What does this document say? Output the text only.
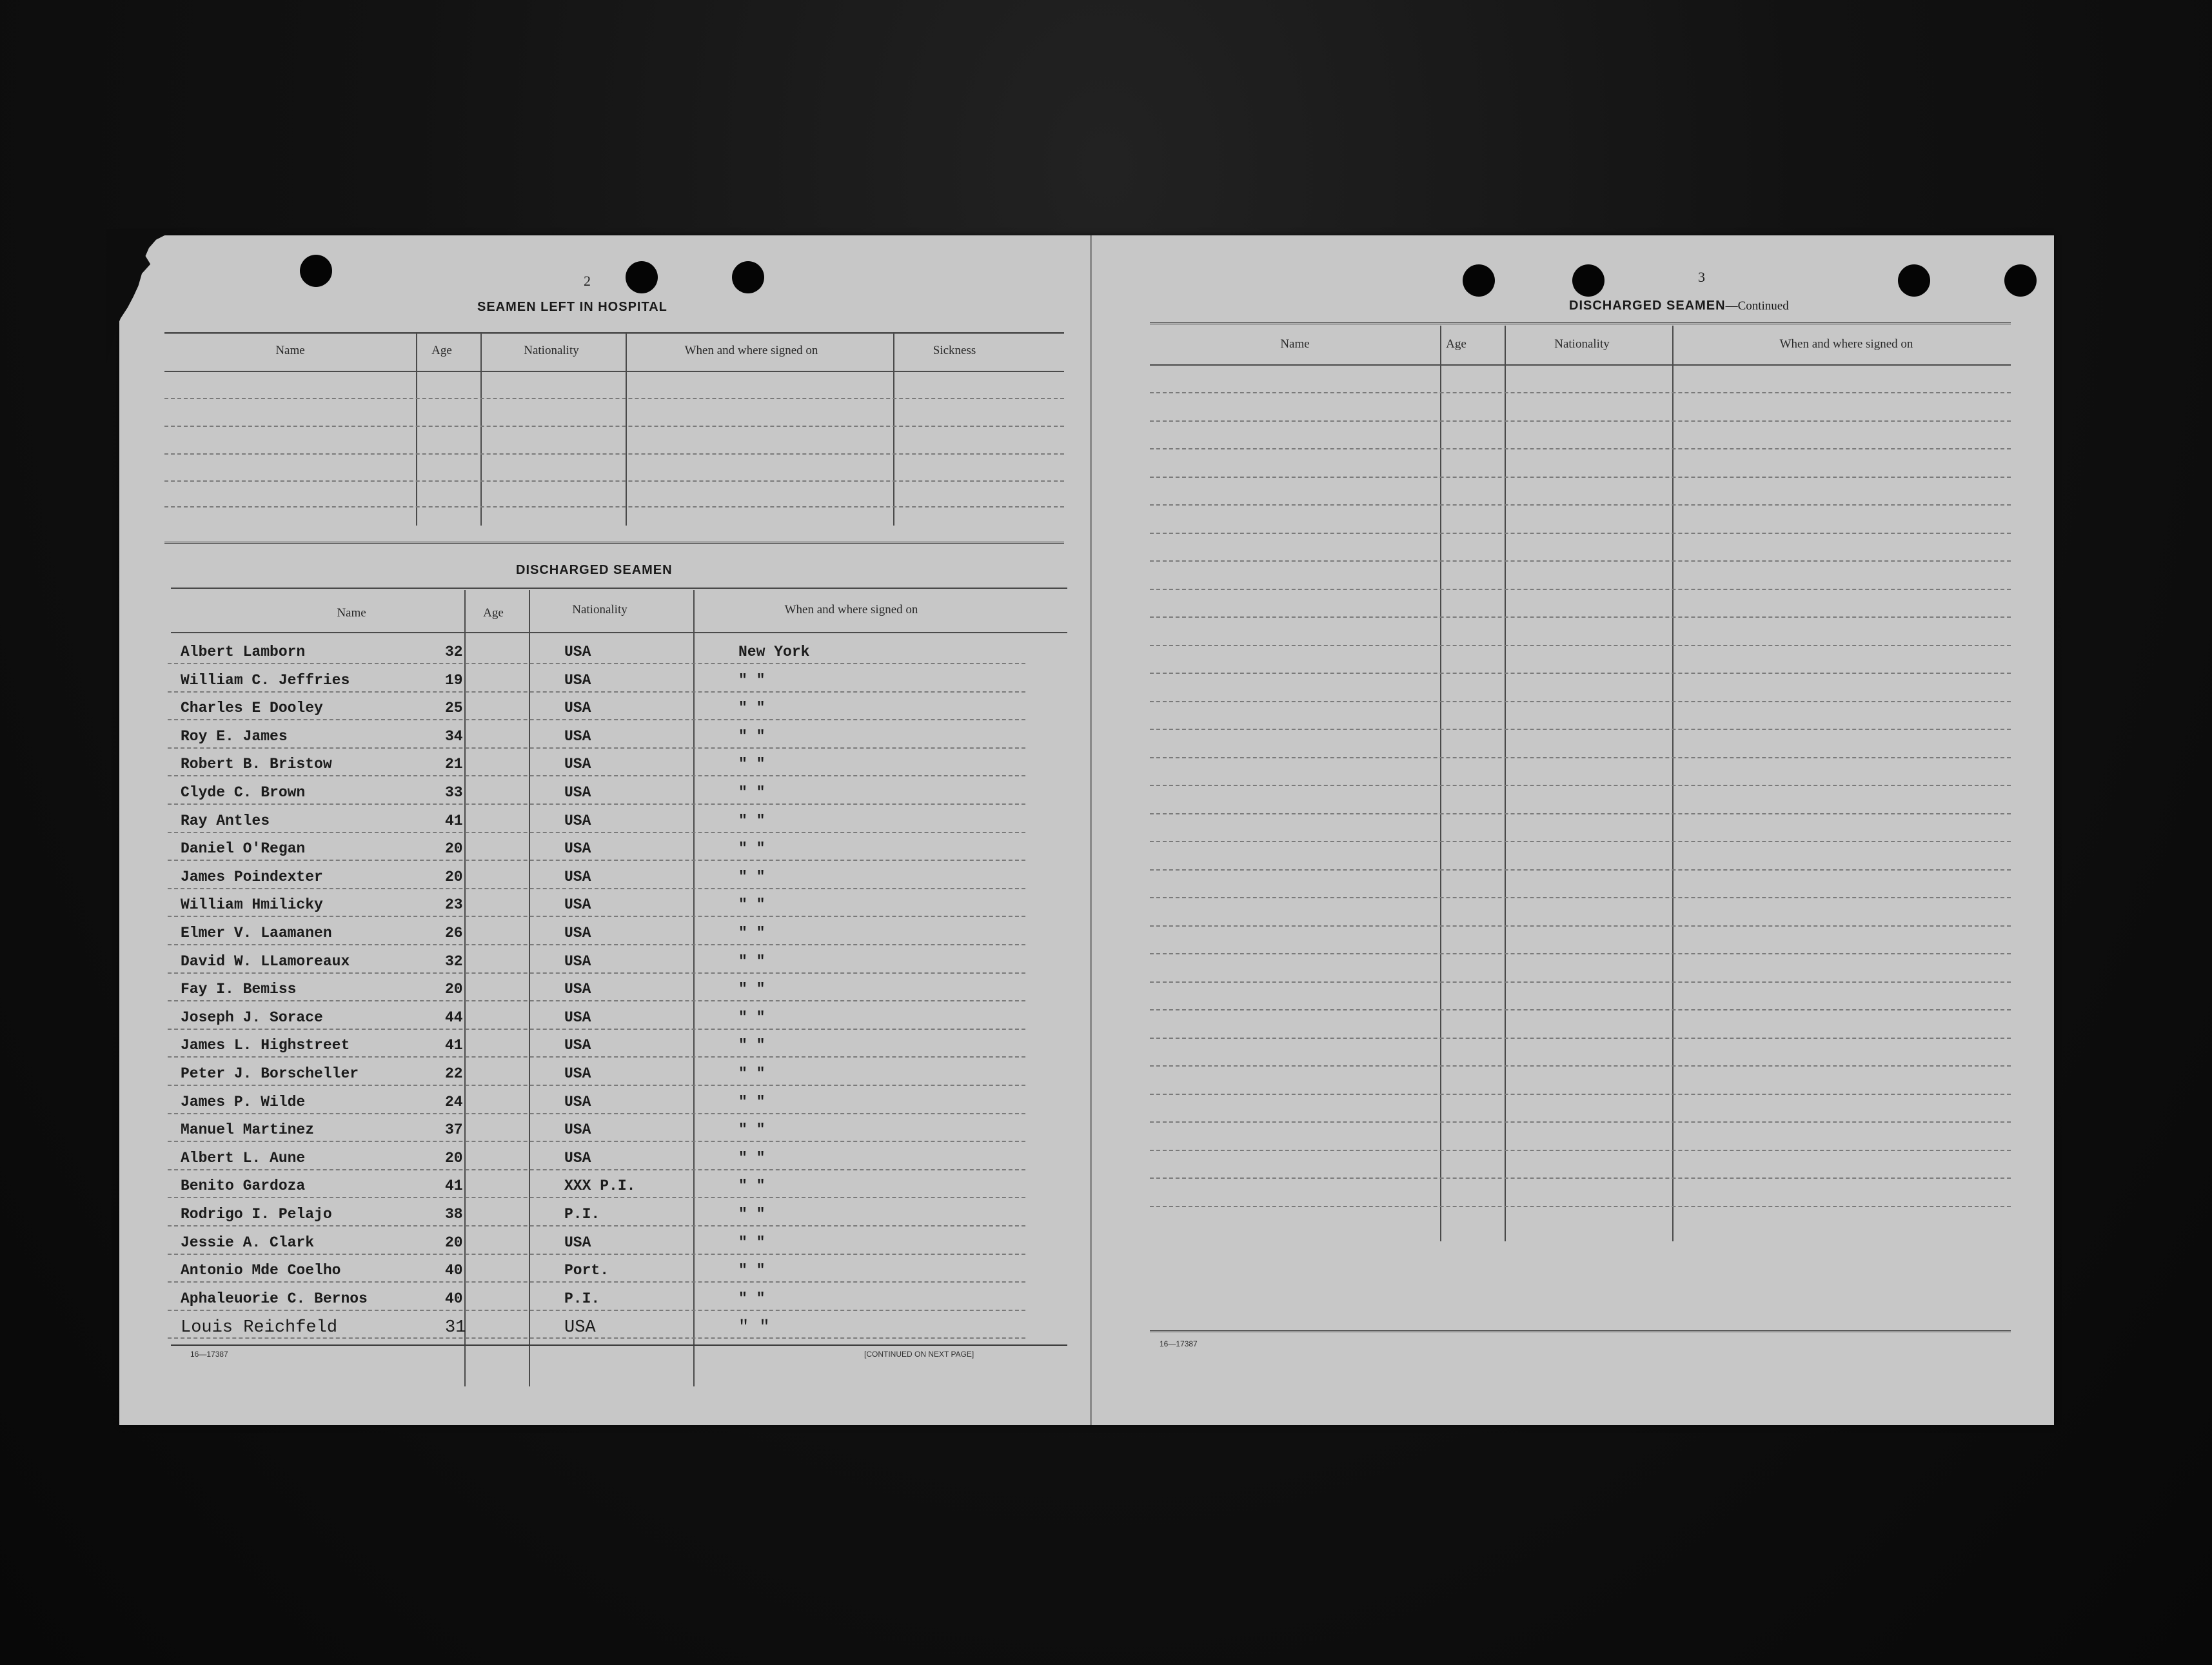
2
SEAMEN LEFT IN HOSPITAL
Name	Age	Nationality	When and where signed on	Sickness
DISCHARGED SEAMEN
Name	Age	Nationality	When and where signed on
Albert Lamborn	32	USA	New York
William C. Jeffries	19	USA	" "
Charles E Dooley	25	USA	" "
Roy E. James	34	USA	" "
Robert B. Bristow	21	USA	" "
Clyde C. Brown	33	USA	" "
Ray Antles	41	USA	" "
Daniel O'Regan	20	USA	" "
James Poindexter	20	USA	" "
William Hmilicky	23	USA	" "
Elmer V. Laamanen	26	USA	" "
David W. LLamoreaux	32	USA	" "
Fay I. Bemiss	20	USA	" "
Joseph J. Sorace	44	USA	" "
James L. Highstreet	41	USA	" "
Peter J. Borscheller	22	USA	" "
James P. Wilde	24	USA	" "
Manuel Martinez	37	USA	" "
Albert L. Aune	20	USA	" "
Benito Gardoza	41	XXX P.I.	" "
Rodrigo I. Pelajo	38	P.I.	" "
Jessie A. Clark	20	USA	" "
Antonio Mde Coelho	40	Port.	" "
Aphaleuorie C. Bernos	40	P.I.	" "
Louis Reichfeld	31	USA	" "
16—17387	[CONTINUED ON NEXT PAGE]
3
DISCHARGED SEAMEN—Continued
Name	Age	Nationality	When and where signed on
16—17387
